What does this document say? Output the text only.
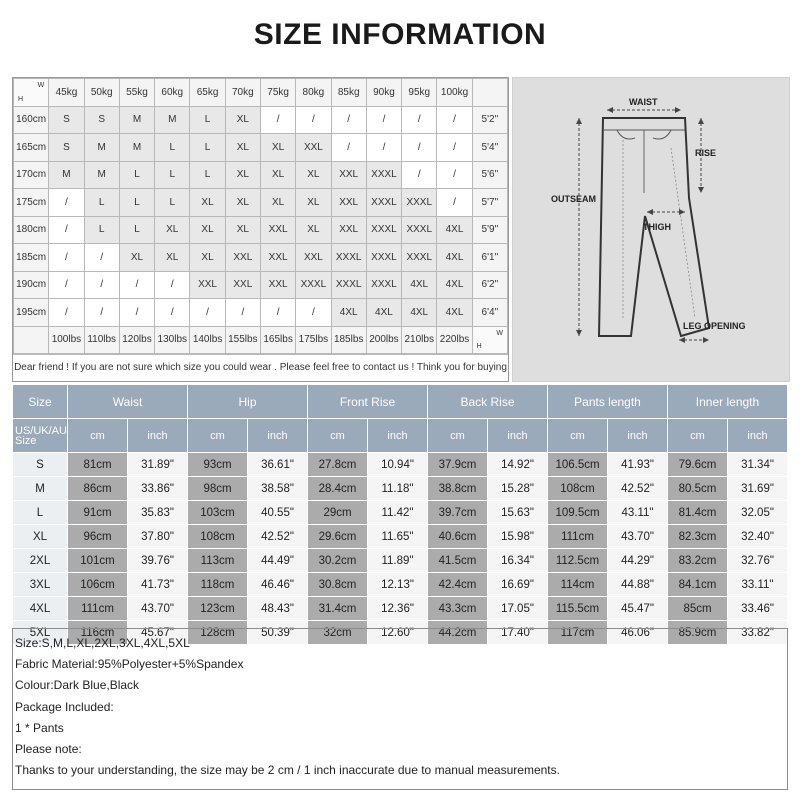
SIZE INFORMATION
H
W	45kg	50kg	55kg	60kg	65kg	70kg	75kg	80kg	85kg	90kg	95kg	100kg	
160cm	S	S	M	M	L	XL	/	/	/	/	/	/	5'2"
165cm	S	M	M	L	L	XL	XL	XXL	/	/	/	/	5'4"
170cm	M	M	L	L	L	XL	XL	XL	XXL	XXXL	/	/	5'6"
175cm	/	L	L	L	XL	XL	XL	XL	XXL	XXXL	XXXL	/	5'7"
180cm	/	L	L	XL	XL	XL	XXL	XL	XXL	XXXL	XXXL	4XL	5'9"
185cm	/	/	XL	XL	XL	XXL	XXL	XXL	XXXL	XXXL	XXXL	4XL	6'1"
190cm	/	/	/	/	XXL	XXL	XXL	XXXL	XXXL	XXXL	4XL	4XL	6'2"
195cm	/	/	/	/	/	/	/	/	4XL	4XL	4XL	4XL	6'4"
	100lbs	110lbs	120lbs	130lbs	140lbs	155lbs	165lbs	175lbs	185lbs	200lbs	210lbs	220lbs	H
W
Dear friend ! If you are not sure which size you could wear . Please feel free to contact us ! Think you for buying
WAIST
RISE
OUTSEAM
THIGH
LEG OPENING
Size	Waist		Hip		Front Rise		Back Rise		Pants length		Inner length	
US/UK/AU Size	cm	inch	cm	inch	cm	inch	cm	inch	cm	inch	cm	inch
S	81cm	31.89"	93cm	36.61"	27.8cm	10.94"	37.9cm	14.92"	106.5cm	41.93"	79.6cm	31.34"
M	86cm	33.86"	98cm	38.58"	28.4cm	11.18"	38.8cm	15.28"	108cm	42.52"	80.5cm	31.69"
L	91cm	35.83"	103cm	40.55"	29cm	11.42"	39.7cm	15.63"	109.5cm	43.11"	81.4cm	32.05"
XL	96cm	37.80"	108cm	42.52"	29.6cm	11.65"	40.6cm	15.98"	111cm	43.70"	82.3cm	32.40"
2XL	101cm	39.76"	113cm	44.49"	30.2cm	11.89"	41.5cm	16.34"	112.5cm	44.29"	83.2cm	32.76"
3XL	106cm	41.73"	118cm	46.46"	30.8cm	12.13"	42.4cm	16.69"	114cm	44.88"	84.1cm	33.11"
4XL	111cm	43.70"	123cm	48.43"	31.4cm	12.36"	43.3cm	17.05"	115.5cm	45.47"	85cm	33.46"
5XL	116cm	45.67"	128cm	50.39"	32cm	12.60"	44.2cm	17.40"	117cm	46.06"	85.9cm	33.82"
Size:S,M,L,XL,2XL,3XL,4XL,5XL
Fabric Material:95%Polyester+5%Spandex
Colour:Dark Blue,Black
Package Included:
1 * Pants
Please note:
Thanks to your understanding, the size may be 2 cm / 1 inch inaccurate due to manual measurements.
